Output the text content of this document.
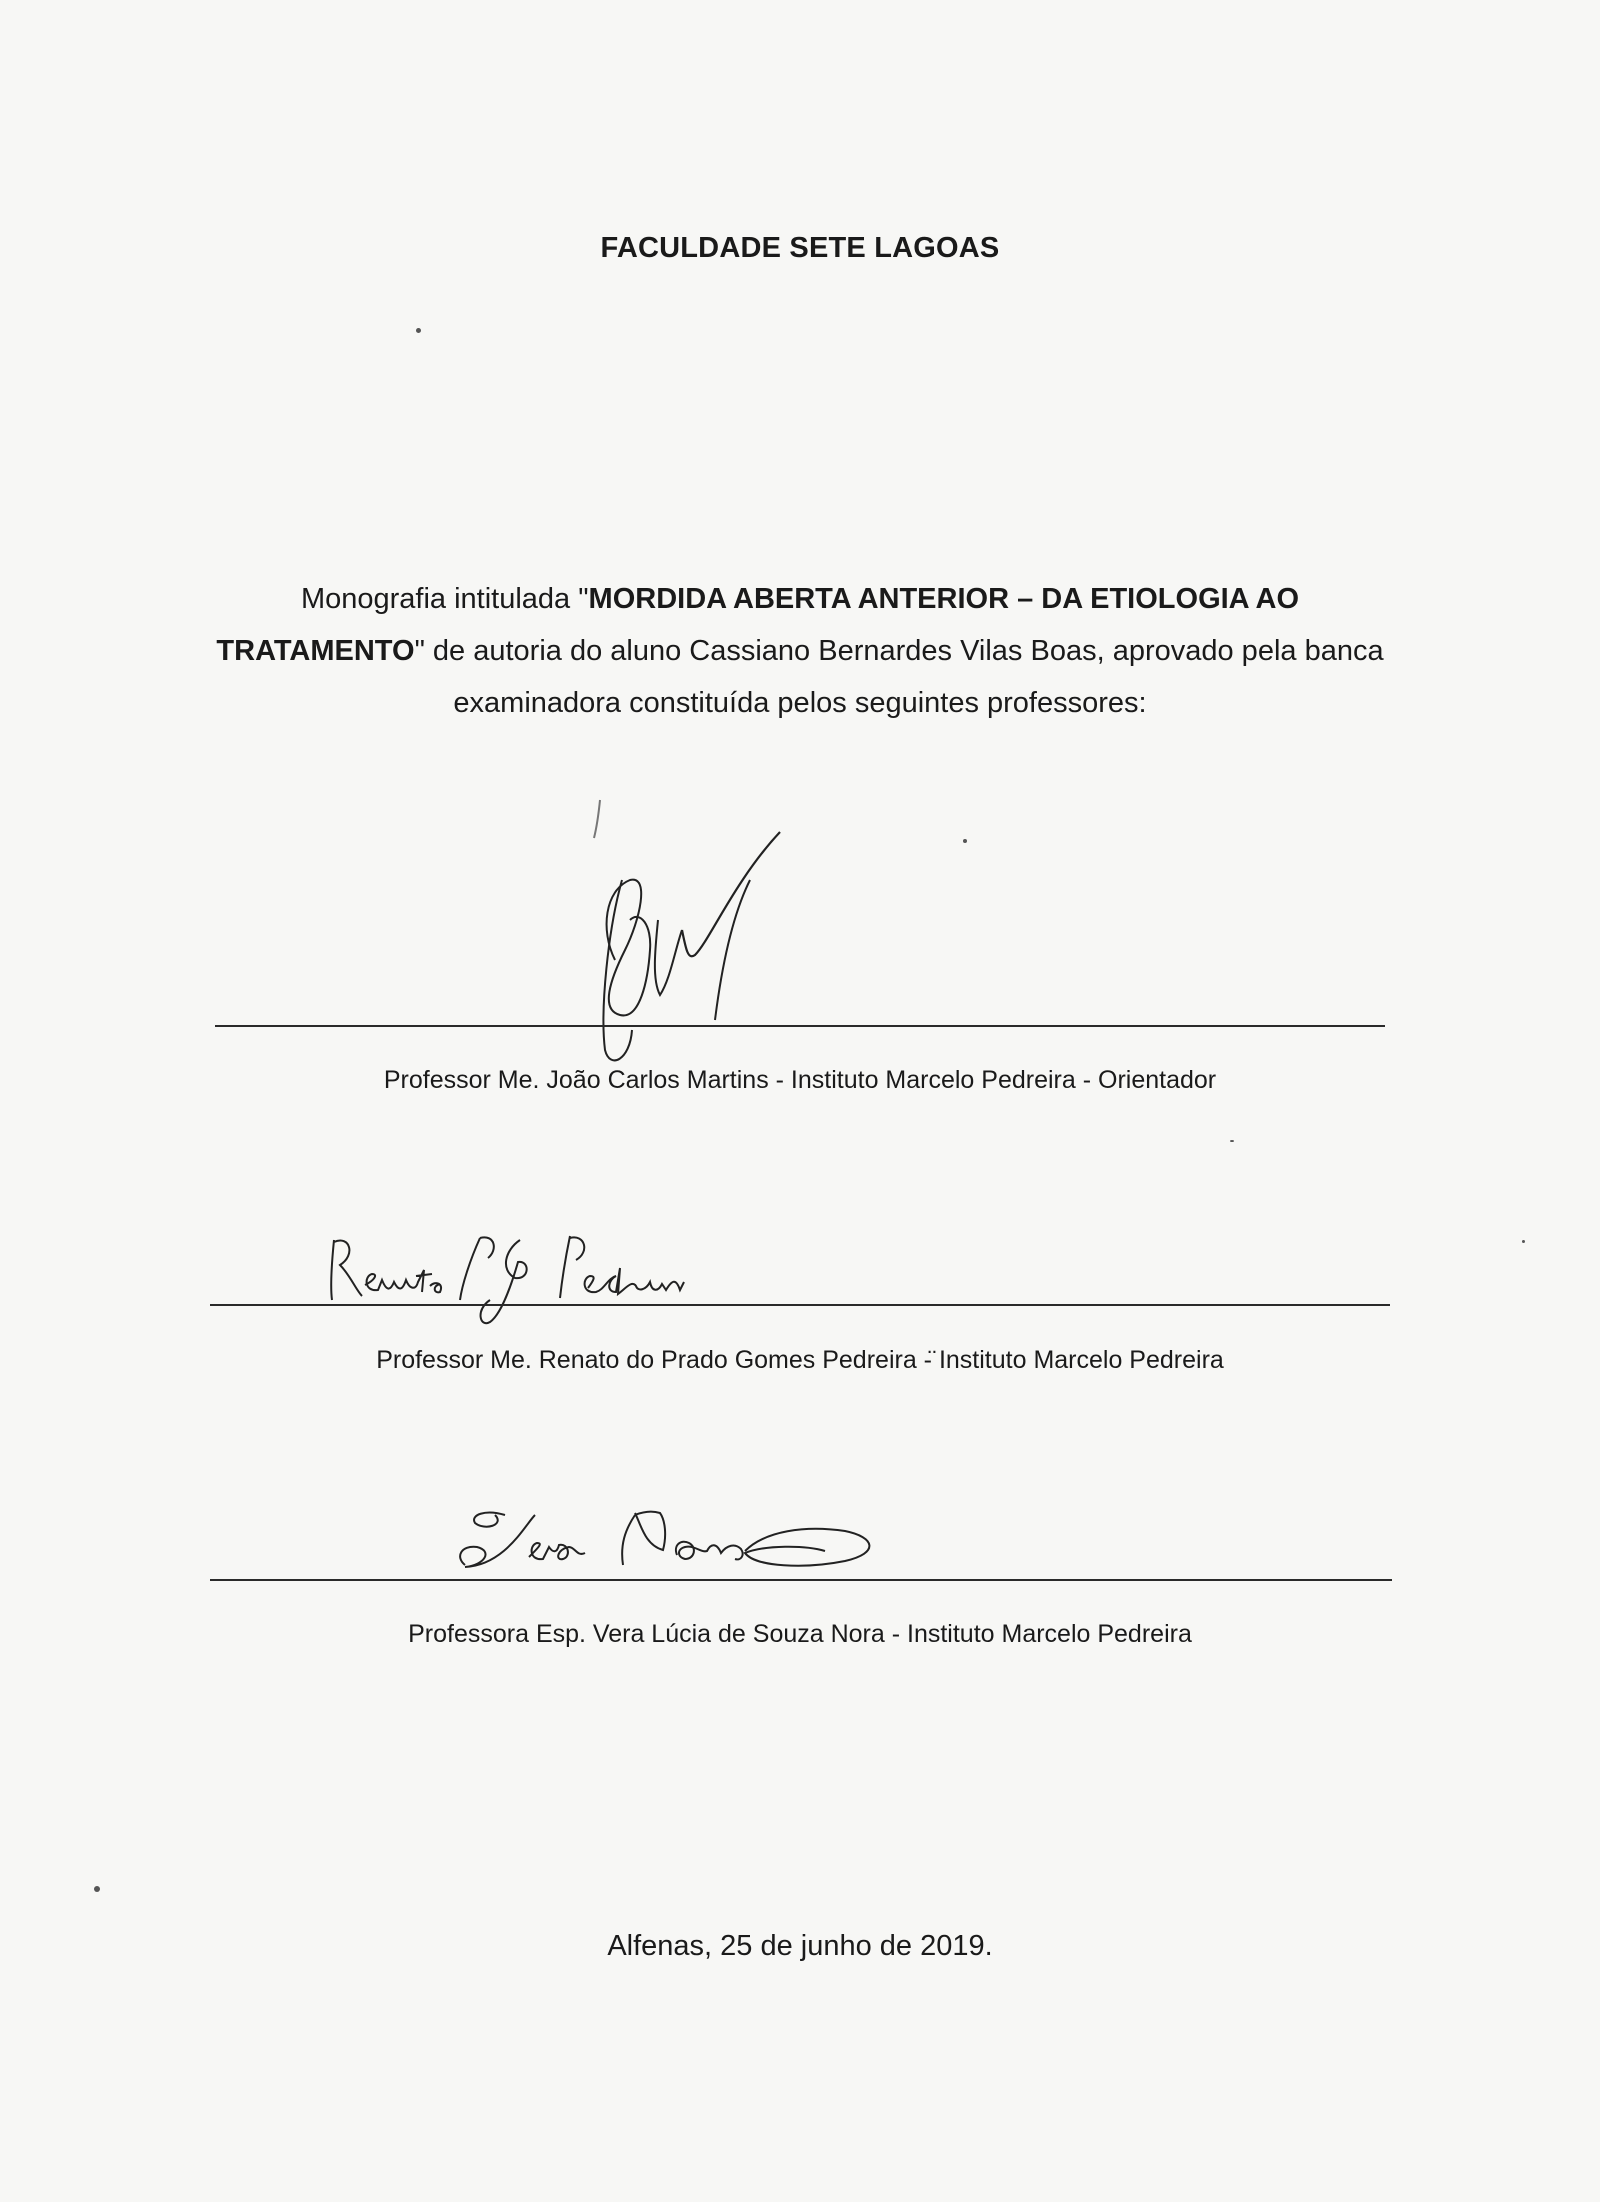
FACULDADE SETE LAGOAS
Monografia intitulada "MORDIDA ABERTA ANTERIOR – DA ETIOLOGIA AO
TRATAMENTO" de autoria do aluno Cassiano Bernardes Vilas Boas, aprovado pela banca examinadora constituída pelos seguintes professores:
Professor Me. João Carlos Martins - Instituto Marcelo Pedreira - Orientador
Professor Me. Renato do Prado Gomes Pedreira -̈ Instituto Marcelo Pedreira
Professora Esp. Vera Lúcia de Souza Nora - Instituto Marcelo Pedreira
Alfenas, 25 de junho de 2019.
